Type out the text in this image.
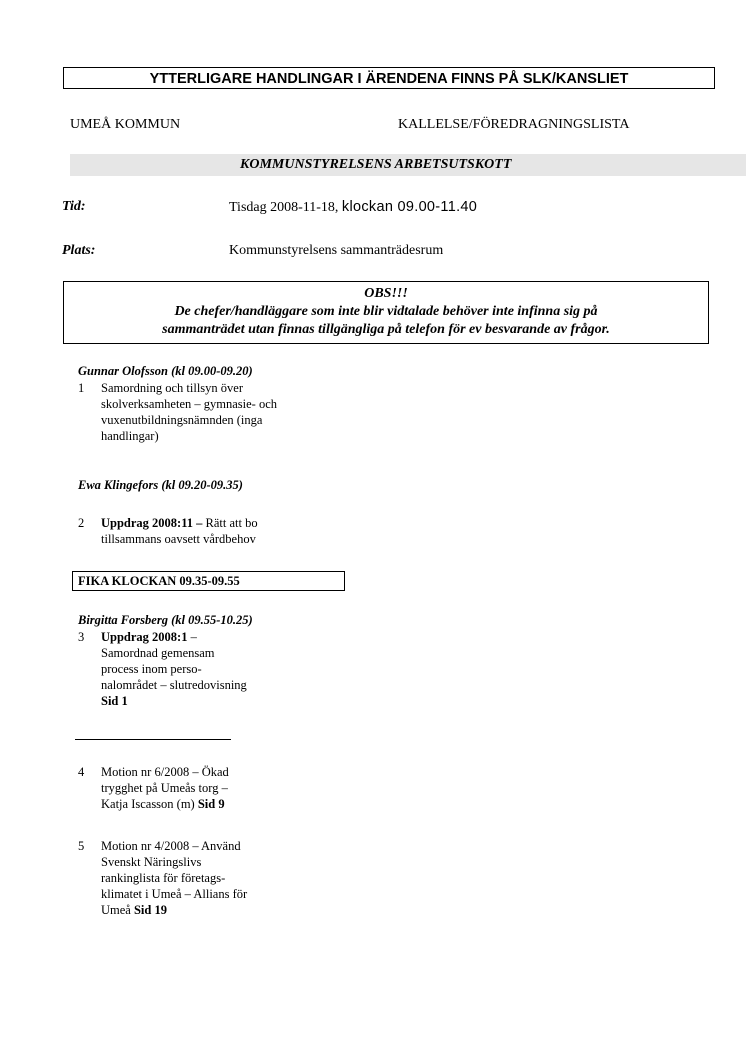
YTTERLIGARE HANDLINGAR I ÄRENDENA FINNS PÅ SLK/KANSLIET
UMEÅ KOMMUN	KALLELSE/FÖREDRAGNINGSLISTA
KOMMUNSTYRELSENS ARBETSUTSKOTT
Tid:	Tisdag 2008-11-18, klockan 09.00-11.40
Plats:	Kommunstyrelsens sammanträdesrum
OBS!!!
De chefer/handläggare som inte blir vidtalade behöver inte infinna sig på
sammanträdet utan finnas tillgängliga på telefon för ev besvarande av frågor.
Gunnar Olofsson (kl 09.00-09.20)
1 Samordning och tillsyn över
skolverksamheten – gymnasie- och
vuxenutbildningsnämnden (inga
handlingar)
Ewa Klingefors (kl 09.20-09.35)
2 Uppdrag 2008:11 – Rätt att bo
tillsammans oavsett vårdbehov
FIKA KLOCKAN 09.35-09.55
Birgitta Forsberg (kl 09.55-10.25)
3 Uppdrag 2008:1 –
Samordnad gemensam
process inom perso-
nalområdet – slutredovisning
Sid 1
4 Motion nr 6/2008 – Ökad
trygghet på Umeås torg –
Katja Iscasson (m) Sid 9
5 Motion nr 4/2008 – Använd
Svenskt Näringslivs
rankinglista för företags-
klimatet i Umeå – Allians för
Umeå Sid 19
